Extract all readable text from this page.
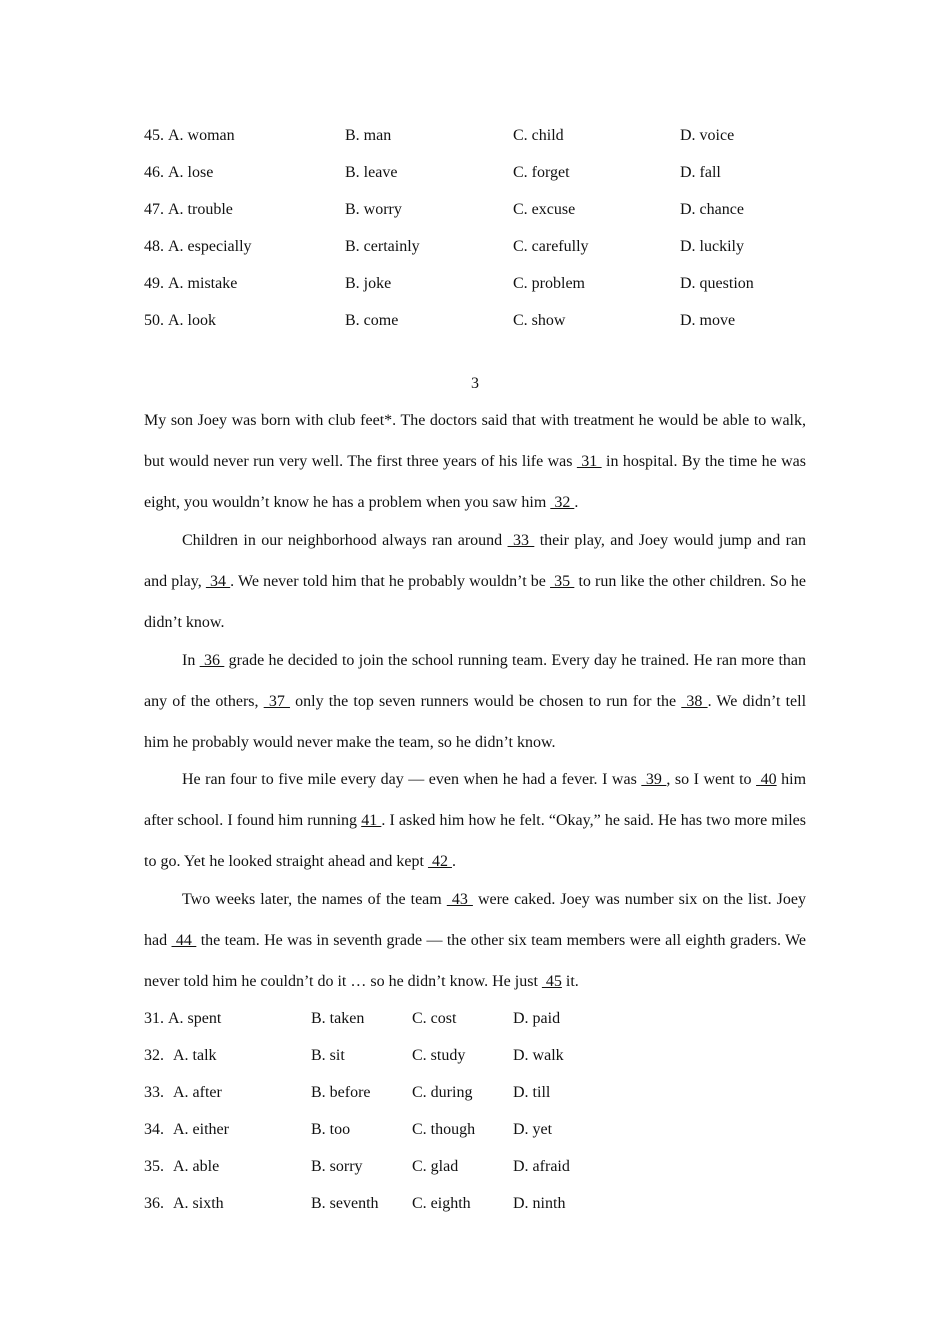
45. A. woman	B. man	C. child	D. voice
46. A. lose	B. leave	C. forget	D. fall
47. A. trouble	B. worry	C. excuse	D. chance
48. A. especially	B. certainly	C. carefully	D. luckily
49. A. mistake	B. joke	C. problem	D. question
50. A. look	B. come	C. show	D. move
3

My son Joey was born with club feet*. The doctors said that with treatment he would be able to walk, but would never run very well. The first three years of his life was  31  in hospital. By the time he was eight, you wouldn’t know he has a problem when you saw him  32 .

Children in our neighborhood always ran around  33  their play, and Joey would jump and ran and play,  34 . We never told him that he probably wouldn’t be  35  to run like the other children. So he didn’t know.

In  36  grade he decided to join the school running team. Every day he trained. He ran more than any of the others,  37  only the top seven runners would be chosen to run for the  38 . We didn’t tell him he probably would never make the team, so he didn’t know.

He ran four to five mile every day — even when he had a fever. I was  39 , so I went to  40 him after school. I found him running 41 . I asked him how he felt. “Okay,” he said. He has two more miles to go. Yet he looked straight ahead and kept  42 .

Two weeks later, the names of the team  43  were caked. Joey was number six on the list. Joey had  44  the team. He was in seventh grade — the other six team members were all eighth graders. We never told him he couldn’t do it … so he didn’t know. He just  45 it.

31. A. spent	B. taken	C. cost	D. paid
32. A. talk	B. sit	C. study	D. walk
33. A. after	B. before	C. during	D. till
34. A. either	B. too	C. though D. yet
35. A. able	B. sorry	C. glad	D. afraid
36. A. sixth	B. seventh C. eighth	D. ninth
